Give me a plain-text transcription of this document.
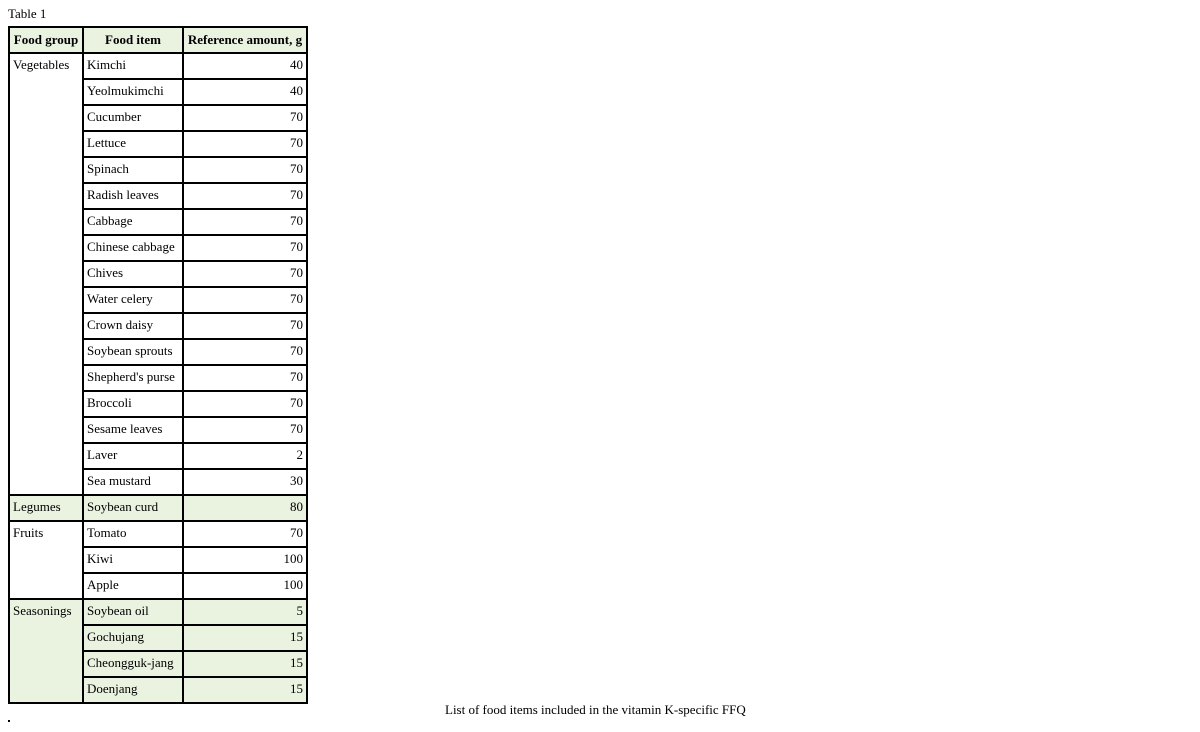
Table 1
Food group	Food item	Reference amount, g
Vegetables	Kimchi	40
	Yeolmukimchi	40
	Cucumber	70
	Lettuce	70
	Spinach	70
	Radish leaves	70
	Cabbage	70
	Chinese cabbage	70
	Chives	70
	Water celery	70
	Crown daisy	70
	Soybean sprouts	70
	Shepherd's purse	70
	Broccoli	70
	Sesame leaves	70
	Laver	2
	Sea mustard	30
Legumes	Soybean curd	80
Fruits	Tomato	70
	Kiwi	100
	Apple	100
Seasonings	Soybean oil	5
	Gochujang	15
	Cheongguk-jang	15
	Doenjang	15
List of food items included in the vitamin K-specific FFQ
